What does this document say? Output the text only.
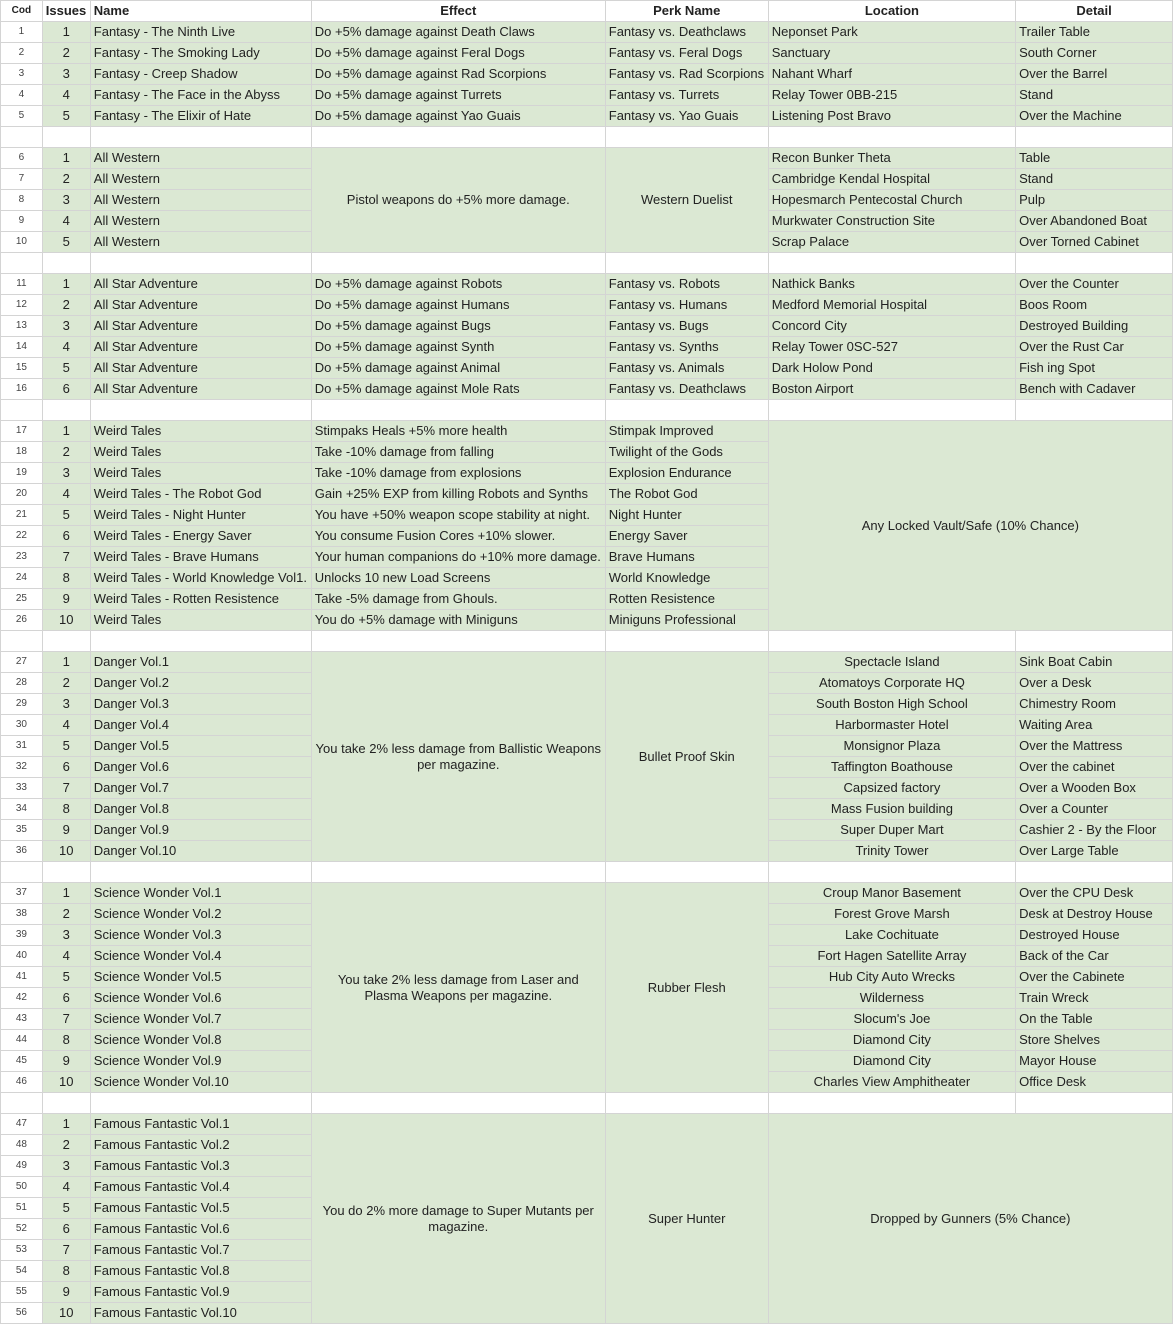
Cod	Issues	Name	Effect	Perk Name	Location	Detail
1	1	Fantasy - The Ninth Live	Do +5% damage against Death Claws	Fantasy vs. Deathclaws	Neponset Park	Trailer Table
2	2	Fantasy - The Smoking Lady	Do +5% damage against Feral Dogs	Fantasy vs. Feral Dogs	Sanctuary	South Corner
3	3	Fantasy - Creep Shadow	Do +5% damage against Rad Scorpions	Fantasy vs. Rad Scorpions	Nahant Wharf	Over the Barrel
4	4	Fantasy - The Face in the Abyss	Do +5% damage against Turrets	Fantasy vs. Turrets	Relay Tower 0BB-215	Stand
5	5	Fantasy - The Elixir of Hate	Do +5% damage against Yao Guais	Fantasy vs. Yao Guais	Listening Post Bravo	Over the Machine

6	1	All Western	Pistol weapons do +5% more damage.	Western Duelist	Recon Bunker Theta	Table
7	2	All Western			Cambridge Kendal Hospital	Stand
8	3	All Western			Hopesmarch Pentecostal Church	Pulp
9	4	All Western			Murkwater Construction Site	Over Abandoned Boat
10	5	All Western			Scrap Palace	Over Torned Cabinet

11	1	All Star Adventure	Do +5% damage against Robots	Fantasy vs. Robots	Nathick Banks	Over the Counter
12	2	All Star Adventure	Do +5% damage against Humans	Fantasy vs. Humans	Medford Memorial Hospital	Boos Room
13	3	All Star Adventure	Do +5% damage against Bugs	Fantasy vs. Bugs	Concord City	Destroyed Building
14	4	All Star Adventure	Do +5% damage against Synth	Fantasy vs. Synths	Relay Tower 0SC-527	Over the Rust Car
15	5	All Star Adventure	Do +5% damage against Animal	Fantasy vs. Animals	Dark Holow Pond	Fish ing Spot
16	6	All Star Adventure	Do +5% damage against Mole Rats	Fantasy vs. Deathclaws	Boston Airport	Bench with Cadaver

17	1	Weird Tales	Stimpaks Heals +5% more health	Stimpak Improved	Any Locked Vault/Safe (10% Chance)	
18	2	Weird Tales	Take -10% damage from falling	Twilight of the Gods		
19	3	Weird Tales	Take -10% damage from explosions	Explosion Endurance		
20	4	Weird Tales - The Robot God	Gain +25% EXP from killing Robots and Synths	The Robot God		
21	5	Weird Tales - Night Hunter	You have +50% weapon scope stability at night.	Night Hunter		
22	6	Weird Tales - Energy Saver	You consume Fusion Cores +10% slower.	Energy Saver		
23	7	Weird Tales - Brave Humans	Your human companions do +10% more damage.	Brave Humans		
24	8	Weird Tales - World Knowledge Vol1.	Unlocks 10 new Load Screens	World Knowledge		
25	9	Weird Tales - Rotten Resistence	Take -5% damage from Ghouls.	Rotten Resistence		
26	10	Weird Tales	You do +5% damage with Miniguns	Miniguns Professional		

27	1	Danger Vol.1	You take 2% less damage from Ballistic Weapons per magazine.	Bullet Proof Skin	Spectacle Island	Sink Boat Cabin
28	2	Danger Vol.2			Atomatoys Corporate HQ	Over a Desk
29	3	Danger Vol.3			South Boston High School	Chimestry Room
30	4	Danger Vol.4			Harbormaster Hotel	Waiting Area
31	5	Danger Vol.5			Monsignor Plaza	Over the Mattress
32	6	Danger Vol.6			Taffington Boathouse	Over the cabinet
33	7	Danger Vol.7			Capsized factory	Over a Wooden Box
34	8	Danger Vol.8			Mass Fusion building	Over a Counter
35	9	Danger Vol.9			Super Duper Mart	Cashier 2 - By the Floor
36	10	Danger Vol.10			Trinity Tower	Over Large Table

37	1	Science Wonder Vol.1	You take 2% less damage from Laser and Plasma Weapons per magazine.	Rubber Flesh	Croup Manor Basement	Over the CPU Desk
38	2	Science Wonder Vol.2			Forest Grove Marsh	Desk at Destroy House
39	3	Science Wonder Vol.3			Lake Cochituate	Destroyed House
40	4	Science Wonder Vol.4			Fort Hagen Satellite Array	Back of the Car
41	5	Science Wonder Vol.5			Hub City Auto Wrecks	Over the Cabinete
42	6	Science Wonder Vol.6			Wilderness	Train Wreck
43	7	Science Wonder Vol.7			Slocum's Joe	On the Table
44	8	Science Wonder Vol.8			Diamond City	Store Shelves
45	9	Science Wonder Vol.9			Diamond City	Mayor House
46	10	Science Wonder Vol.10			Charles View Amphitheater	Office Desk

47	1	Famous Fantastic Vol.1	You do 2% more damage to Super Mutants per magazine.	Super Hunter	Dropped by Gunners (5% Chance)	
48	2	Famous Fantastic Vol.2				
49	3	Famous Fantastic Vol.3				
50	4	Famous Fantastic Vol.4				
51	5	Famous Fantastic Vol.5				
52	6	Famous Fantastic Vol.6				
53	7	Famous Fantastic Vol.7				
54	8	Famous Fantastic Vol.8				
55	9	Famous Fantastic Vol.9				
56	10	Famous Fantastic Vol.10				
